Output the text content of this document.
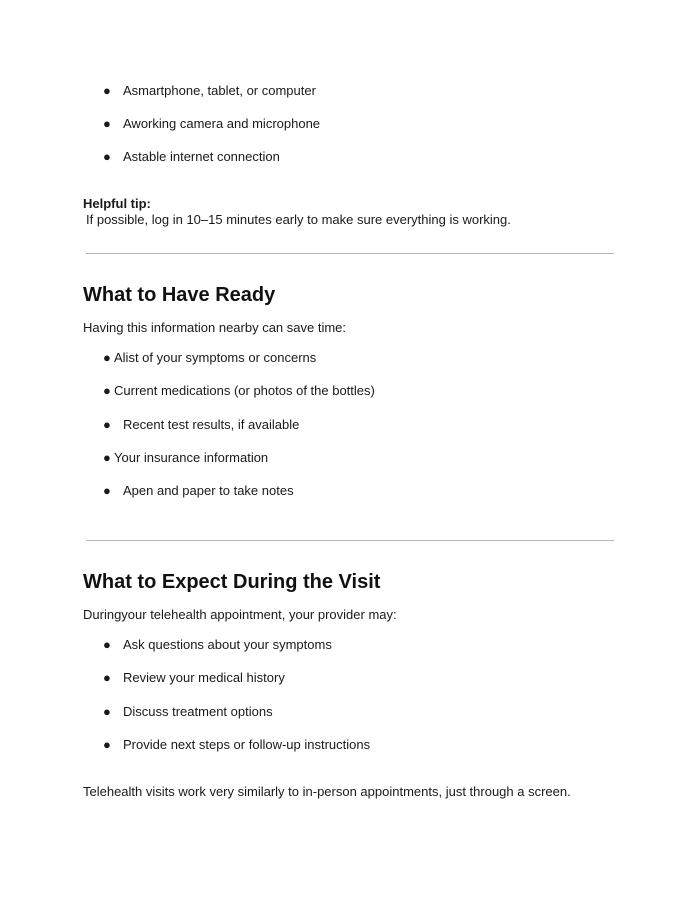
● Asmartphone, tablet, or computer
● Aworking camera and microphone
● Astable internet connection
Helpful tip:
If possible, log in 10–15 minutes early to make sure everything is working.
What to Have Ready
Having this information nearby can save time:
● Alist of your symptoms or concerns
● Current medications (or photos of the bottles)
● Recent test results, if available
● Your insurance information
● Apen and paper to take notes
What to Expect During the Visit
Duringyour telehealth appointment, your provider may:
● Ask questions about your symptoms
● Review your medical history
● Discuss treatment options
● Provide next steps or follow-up instructions
Telehealth visits work very similarly to in-person appointments, just through a screen.
